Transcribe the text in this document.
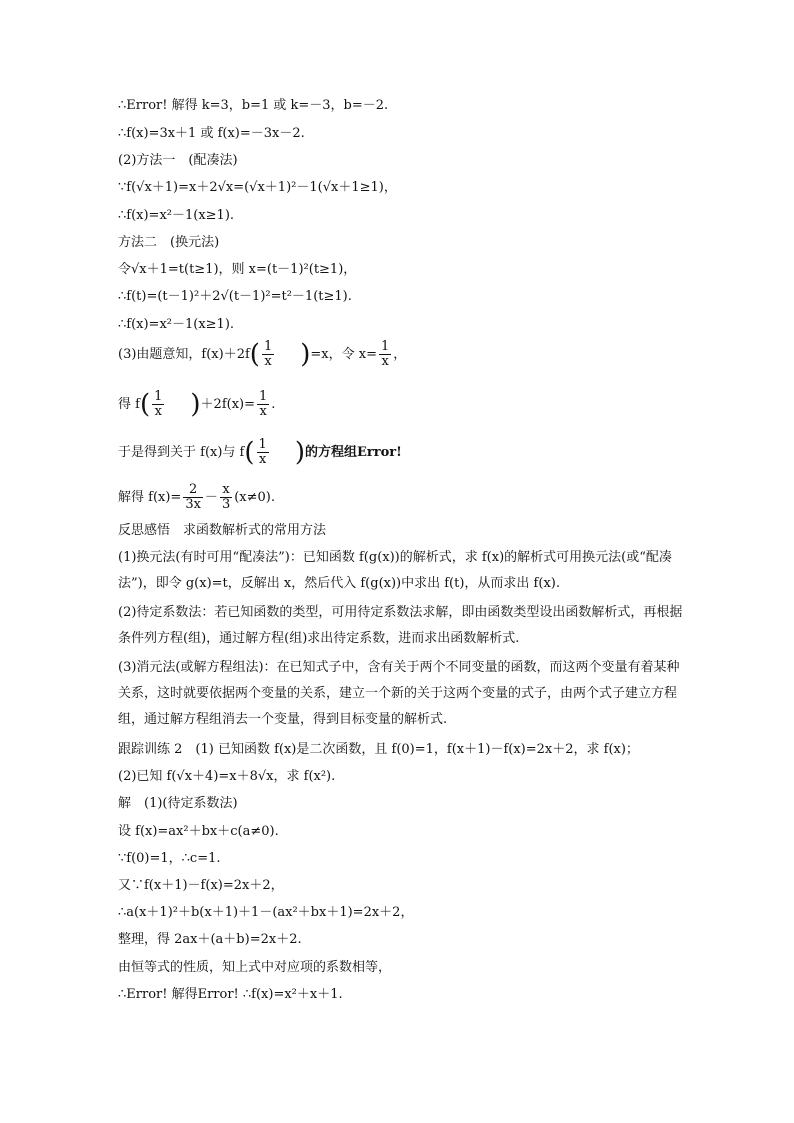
∴Error! 解得 k=3，b=1 或 k=－3，b=－2.
∴f(x)=3x＋1 或 f(x)=－3x－2.
(2)方法一　(配凑法)
∵f(√x＋1)=x＋2√x=(√x＋1)²－1(√x＋1≥1)，
∴f(x)=x²－1(x≥1).
方法二　(换元法)
令√x＋1=t(t≥1)，则 x=(t－1)²(t≥1)，
∴f(t)=(t－1)²＋2√(t－1)²=t²－1(t≥1).
∴f(x)=x²－1(x≥1).
(3)由题意知，$f(x)+2f( \frac{1}{x} )=x$，令 $x= \frac{1}{x}$ ，
得 $f( \frac{1}{x} )+2f(x)= \frac{1}{x}$ .
于是得到关于 f(x)与 $f( \frac{1}{x}$ )的方程组Error!
解得 $f(x)= \frac{2}{3x} - \frac{x}{3} (x\ne 0)$.
反思感悟　求函数解析式的常用方法
(1)换元法(有时可用“配凑法”)：已知函数 f(g(x))的解析式，求 f(x)的解析式可用换元法(或“配凑法”)，即令 g(x)=t，反解出 x，然后代入 f(g(x))中求出 f(t)，从而求出 f(x).
(2)待定系数法：若已知函数的类型，可用待定系数法求解，即由函数类型设出函数解析式，再根据条件列方程(组)，通过解方程(组)求出待定系数，进而求出函数解析式.
(3)消元法(或解方程组法)：在已知式子中，含有关于两个不同变量的函数，而这两个变量有着某种关系，这时就要依据两个变量的关系，建立一个新的关于这两个变量的式子，由两个式子建立方程组，通过解方程组消去一个变量，得到目标变量的解析式.
跟踪训练 2　(1) 已知函数 f(x)是二次函数，且 f(0)=1，f(x＋1)－f(x)=2x＋2，求 f(x)；
(2)已知 f(√x＋4)=x＋8√x，求 f(x²).
解　(1)(待定系数法)
设 f(x)=ax²＋bx＋c(a≠0).
∵f(0)=1，∴c=1.
又∵f(x＋1)－f(x)=2x＋2，
∴a(x＋1)²＋b(x＋1)＋1－(ax²＋bx＋1)=2x＋2，
整理，得 2ax＋(a＋b)=2x＋2.
由恒等式的性质，知上式中对应项的系数相等，
∴Error! 解得Error! ∴f(x)=x²＋x＋1.
